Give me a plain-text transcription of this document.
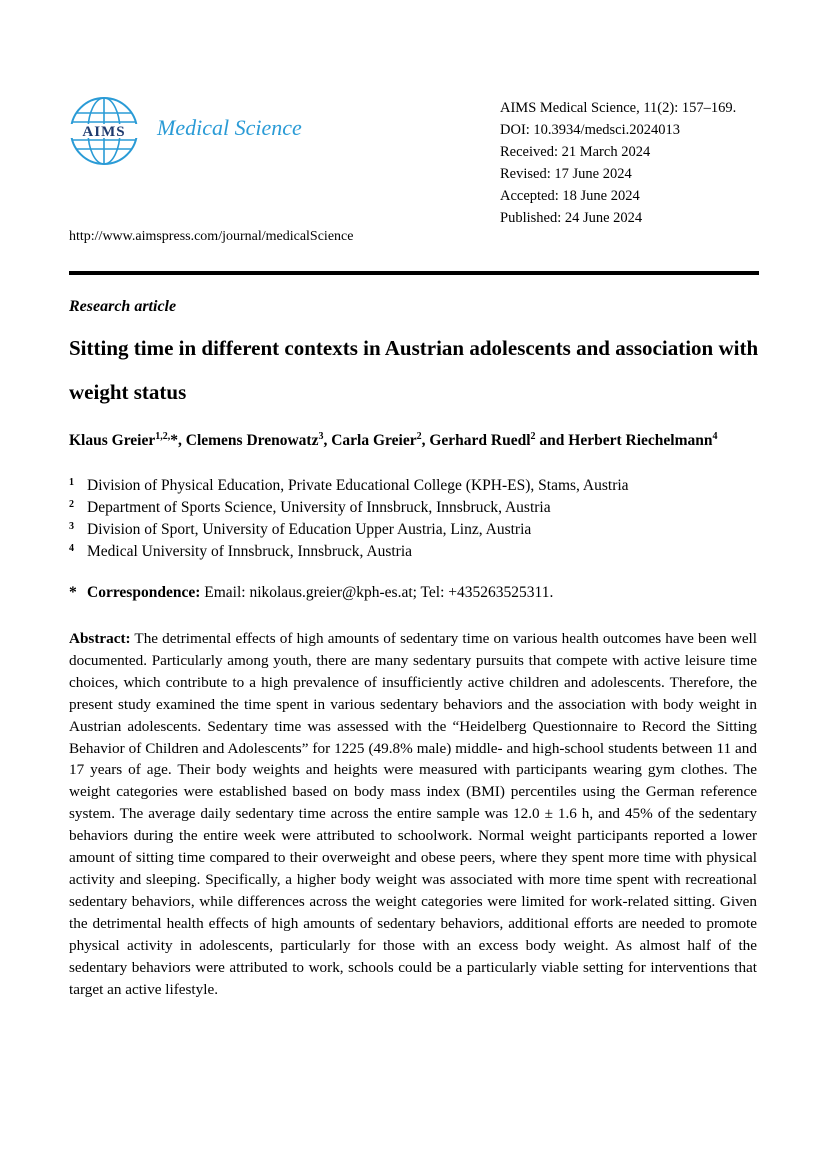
AIMS Medical Science
AIMS Medical Science, 11(2): 157–169.
DOI: 10.3934/medsci.2024013
Received: 21 March 2024
Revised: 17 June 2024
Accepted: 18 June 2024
Published: 24 June 2024
http://www.aimspress.com/journal/medicalScience
Research article
Sitting time in different contexts in Austrian adolescents and association with weight status
Klaus Greier$^{1,2,}$*, Clemens Drenowatz$^3$, Carla Greier$^2$, Gerhard Ruedl$^2$ and Herbert Riechelmann$^4$
1 Division of Physical Education, Private Educational College (KPH-ES), Stams, Austria
2 Department of Sports Science, University of Innsbruck, Innsbruck, Austria
3 Division of Sport, University of Education Upper Austria, Linz, Austria
4 Medical University of Innsbruck, Innsbruck, Austria
* Correspondence: Email: nikolaus.greier@kph-es.at; Tel: +435263525311.
Abstract: The detrimental effects of high amounts of sedentary time on various health outcomes have been well documented. Particularly among youth, there are many sedentary pursuits that compete with active leisure time choices, which contribute to a high prevalence of insufficiently active children and adolescents. Therefore, the present study examined the time spent in various sedentary behaviors and the association with body weight in Austrian adolescents. Sedentary time was assessed with the “Heidelberg Questionnaire to Record the Sitting Behavior of Children and Adolescents” for 1225 (49.8% male) middle- and high-school students between 11 and 17 years of age. Their body weights and heights were measured with participants wearing gym clothes. The weight categories were established based on body mass index (BMI) percentiles using the German reference system. The average daily sedentary time across the entire sample was 12.0 ± 1.6 h, and 45% of the sedentary behaviors during the entire week were attributed to schoolwork. Normal weight participants reported a lower amount of sitting time compared to their overweight and obese peers, where they spent more time with physical activity and sleeping. Specifically, a higher body weight was associated with more time spent with recreational sedentary behaviors, while differences across the weight categories were limited for work-related sitting. Given the detrimental health effects of high amounts of sedentary behaviors, additional efforts are needed to promote physical activity in adolescents, particularly for those with an excess body weight. As almost half of the sedentary behaviors were attributed to work, schools could be a particularly viable setting for interventions that target an active lifestyle.
